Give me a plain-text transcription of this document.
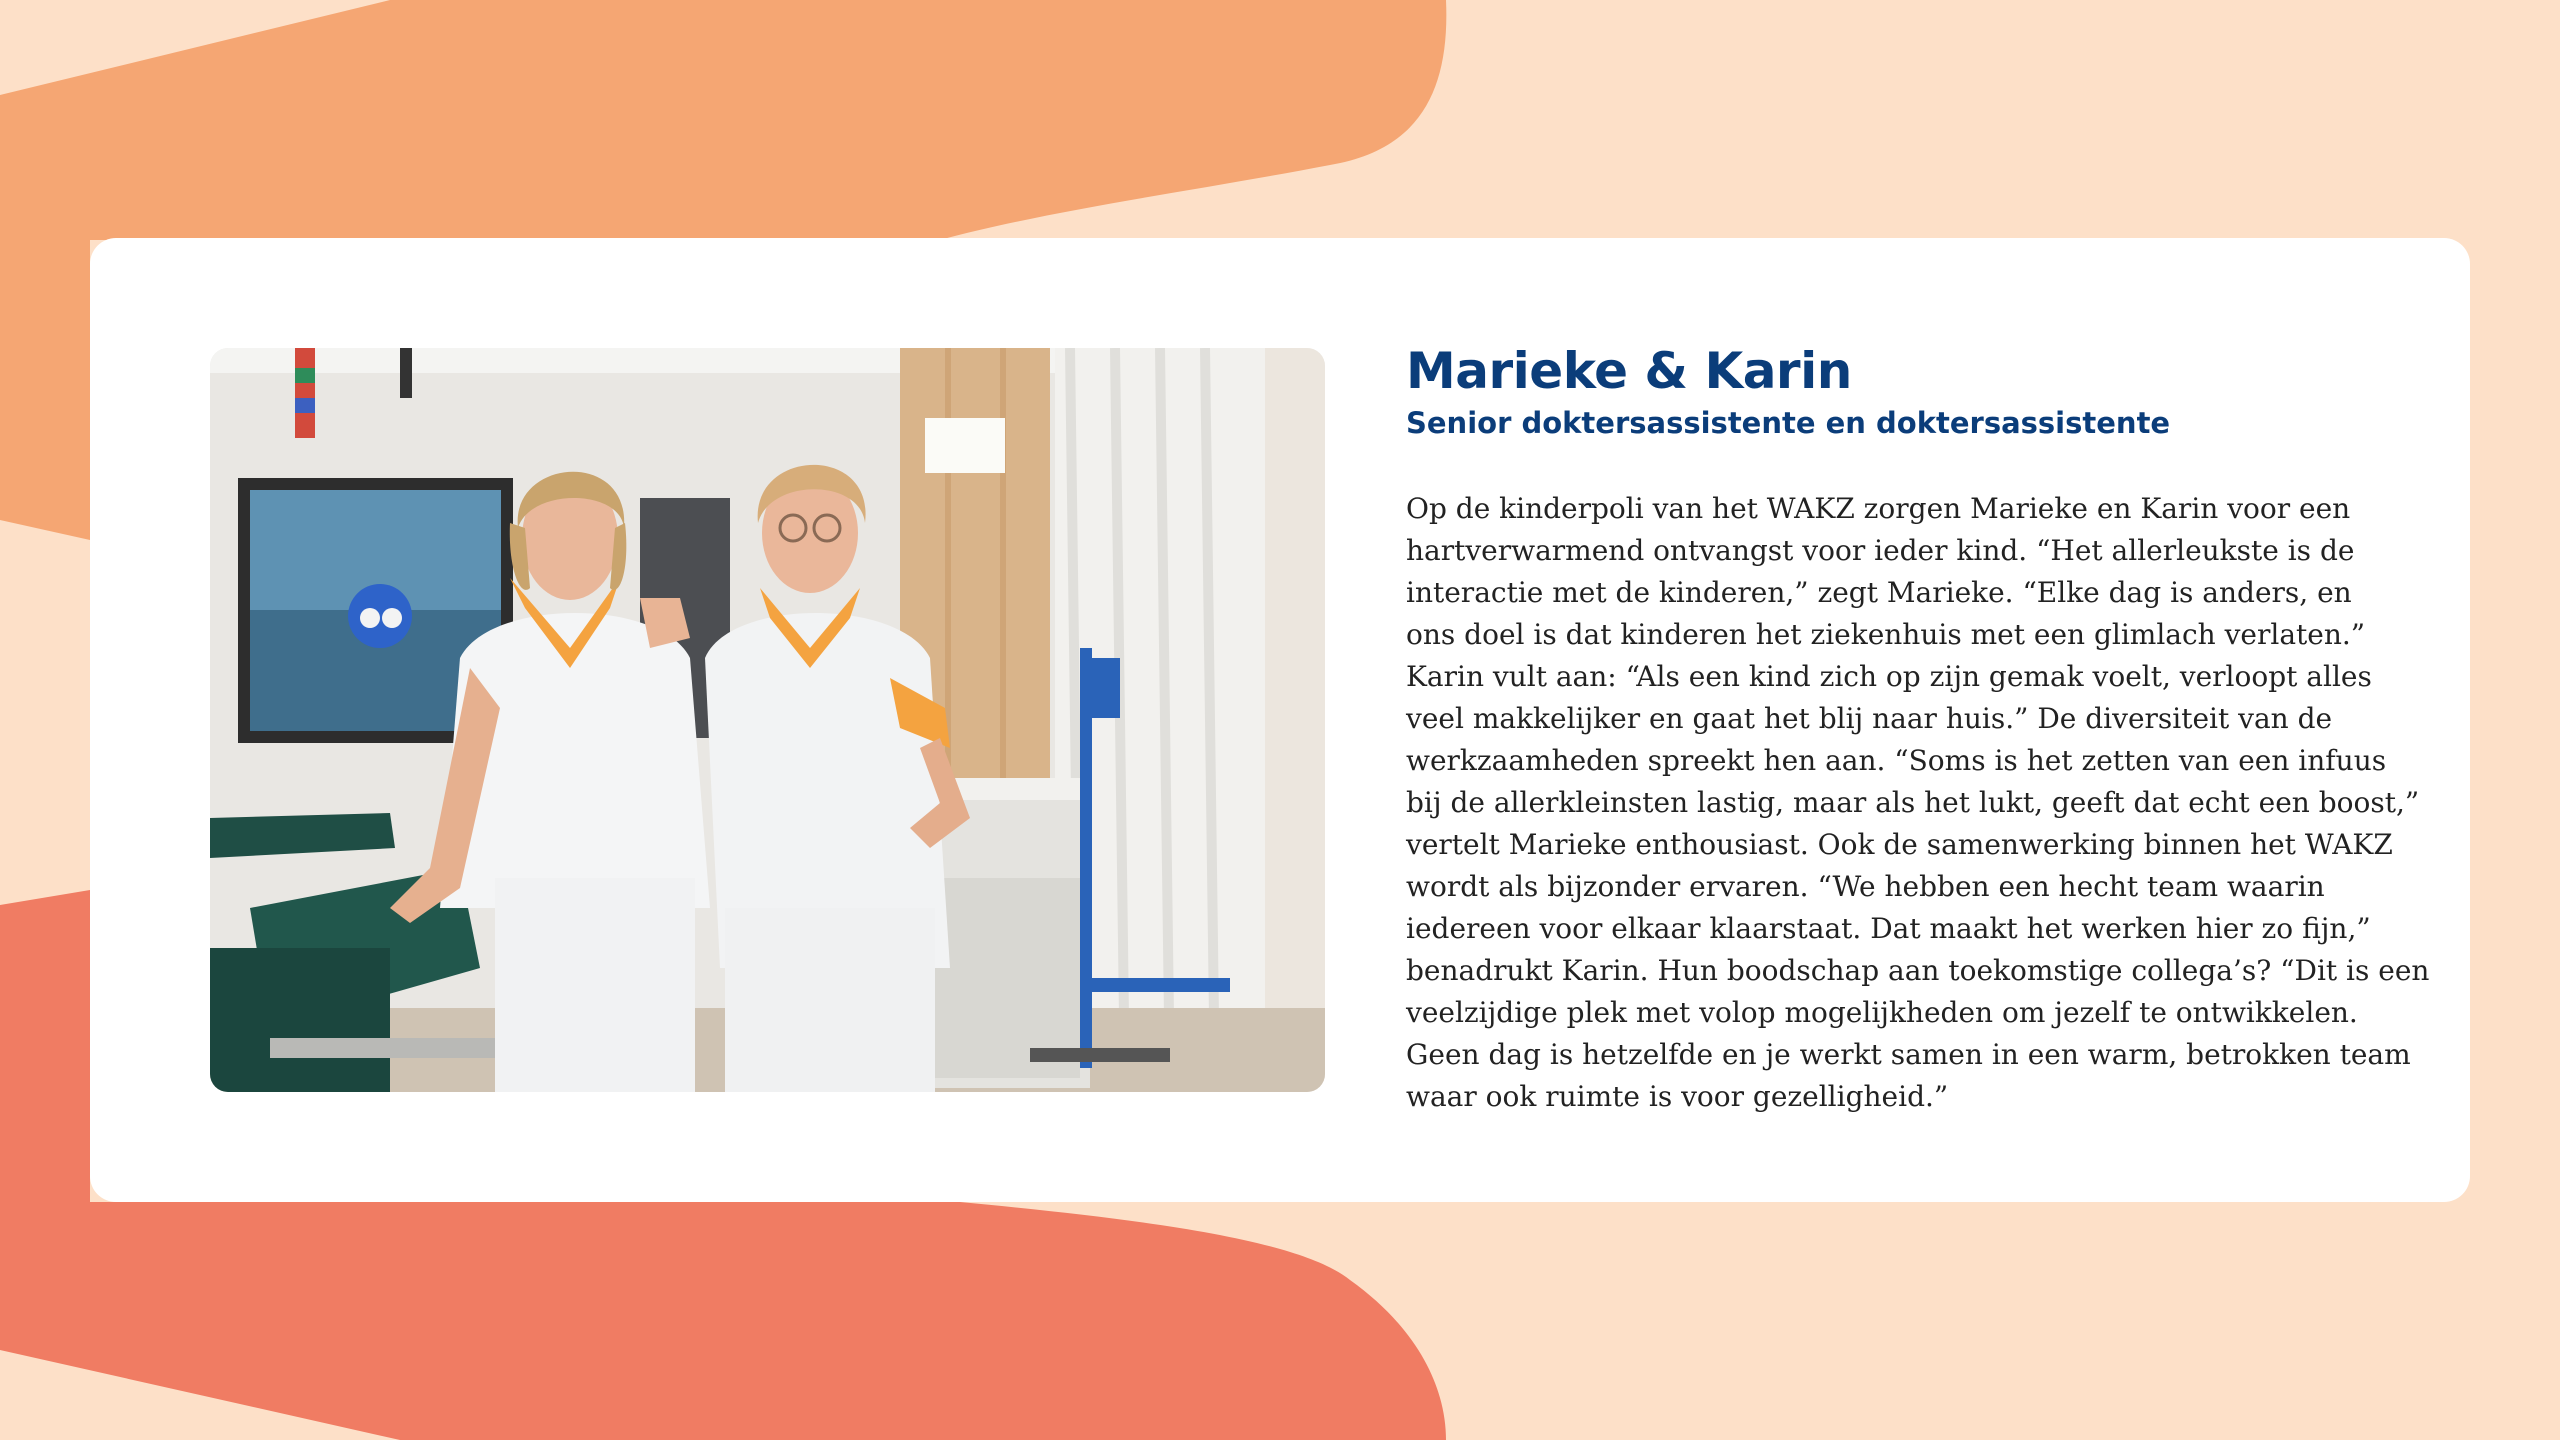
Marieke & Karin
Senior doktersassistente en doktersassistente

Op de kinderpoli van het WAKZ zorgen Marieke en Karin voor een
hartverwarmend ontvangst voor ieder kind. “Het allerleukste is de
interactie met de kinderen,” zegt Marieke. “Elke dag is anders, en
ons doel is dat kinderen het ziekenhuis met een glimlach verlaten.”
Karin vult aan: “Als een kind zich op zijn gemak voelt, verloopt alles
veel makkelijker en gaat het blij naar huis.” De diversiteit van de
werkzaamheden spreekt hen aan. “Soms is het zetten van een infuus
bij de allerkleinsten lastig, maar als het lukt, geeft dat echt een boost,”
vertelt Marieke enthousiast. Ook de samenwerking binnen het WAKZ
wordt als bijzonder ervaren. “We hebben een hecht team waarin
iedereen voor elkaar klaarstaat. Dat maakt het werken hier zo fijn,”
benadrukt Karin. Hun boodschap aan toekomstige collega’s? “Dit is een
veelzijdige plek met volop mogelijkheden om jezelf te ontwikkelen.
Geen dag is hetzelfde en je werkt samen in een warm, betrokken team
waar ook ruimte is voor gezelligheid.”
